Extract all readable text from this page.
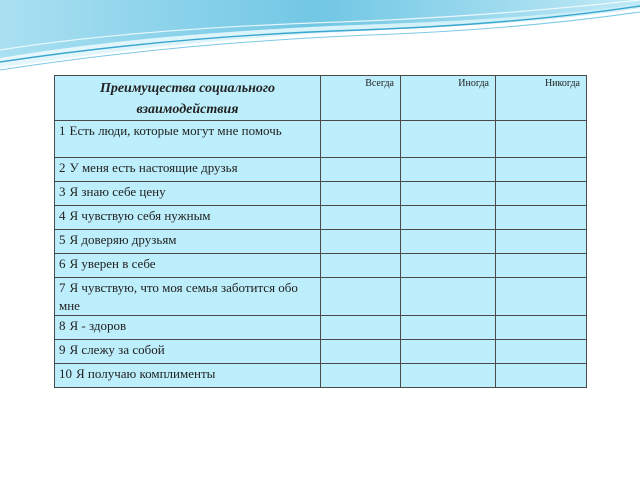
Преимущества социального взаимодействия	Всегда	Иногда	Никогда

1 Есть люди, которые могут мне помочь			

2 У меня есть настоящие друзья			

3 Я знаю себе цену			

4 Я чувствую себя нужным			

5 Я доверяю друзьям			

6 Я уверен в себе			

7 Я чувствую, что моя семья заботится обо мне			

8 Я - здоров			

9 Я слежу за собой			

10 Я получаю комплименты			
